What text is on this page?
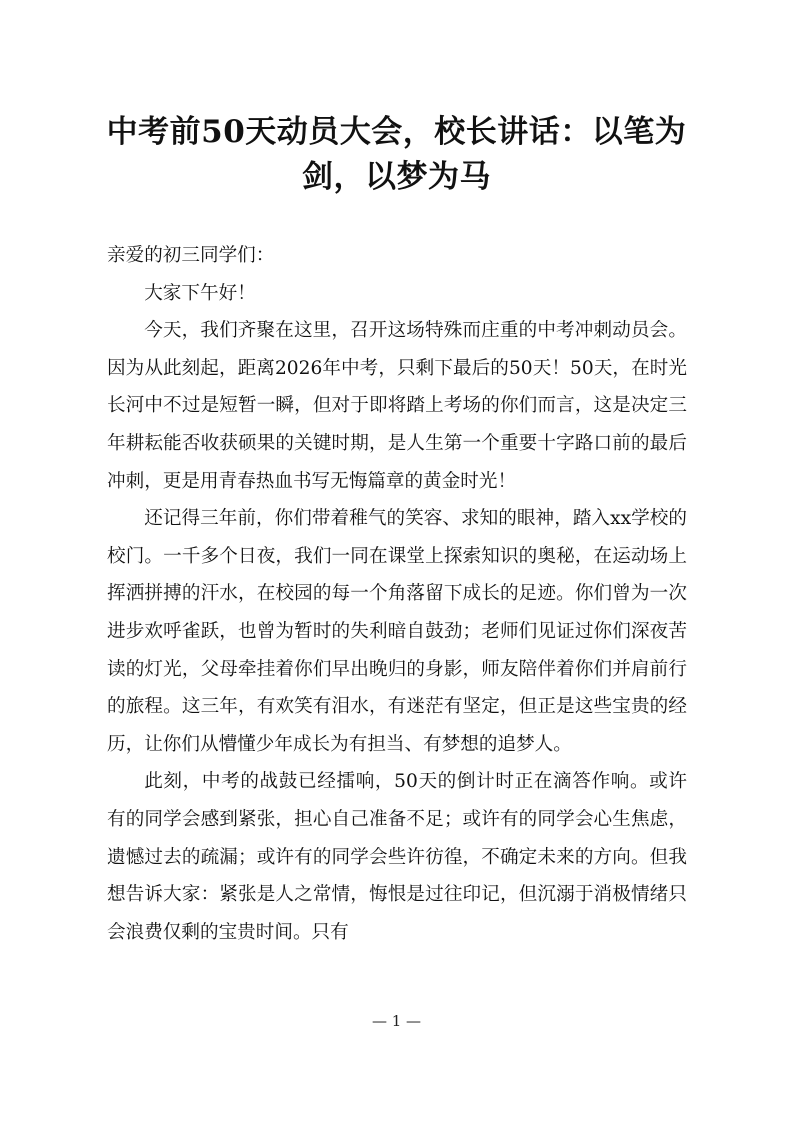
中考前50天动员大会，校长讲话：以笔为剑，以梦为马

亲爱的初三同学们：

大家下午好！

今天，我们齐聚在这里，召开这场特殊而庄重的中考冲刺动员会。因为从此刻起，距离2026年中考，只剩下最后的50天！50天，在时光长河中不过是短暂一瞬，但对于即将踏上考场的你们而言，这是决定三年耕耘能否收获硕果的关键时期，是人生第一个重要十字路口前的最后冲刺，更是用青春热血书写无悔篇章的黄金时光！

还记得三年前，你们带着稚气的笑容、求知的眼神，踏入xx学校的校门。一千多个日夜，我们一同在课堂上探索知识的奥秘，在运动场上挥洒拼搏的汗水，在校园的每一个角落留下成长的足迹。你们曾为一次进步欢呼雀跃，也曾为暂时的失利暗自鼓劲；老师们见证过你们深夜苦读的灯光，父母牵挂着你们早出晚归的身影，师友陪伴着你们并肩前行的旅程。这三年，有欢笑有泪水，有迷茫有坚定，但正是这些宝贵的经历，让你们从懵懂少年成长为有担当、有梦想的追梦人。

此刻，中考的战鼓已经擂响，50天的倒计时正在滴答作响。或许有的同学会感到紧张，担心自己准备不足；或许有的同学会心生焦虑，遗憾过去的疏漏；或许有的同学会些许彷徨，不确定未来的方向。但我想告诉大家：紧张是人之常情，悔恨是过往印记，但沉溺于消极情绪只会浪费仅剩的宝贵时间。只有

— 1 —
